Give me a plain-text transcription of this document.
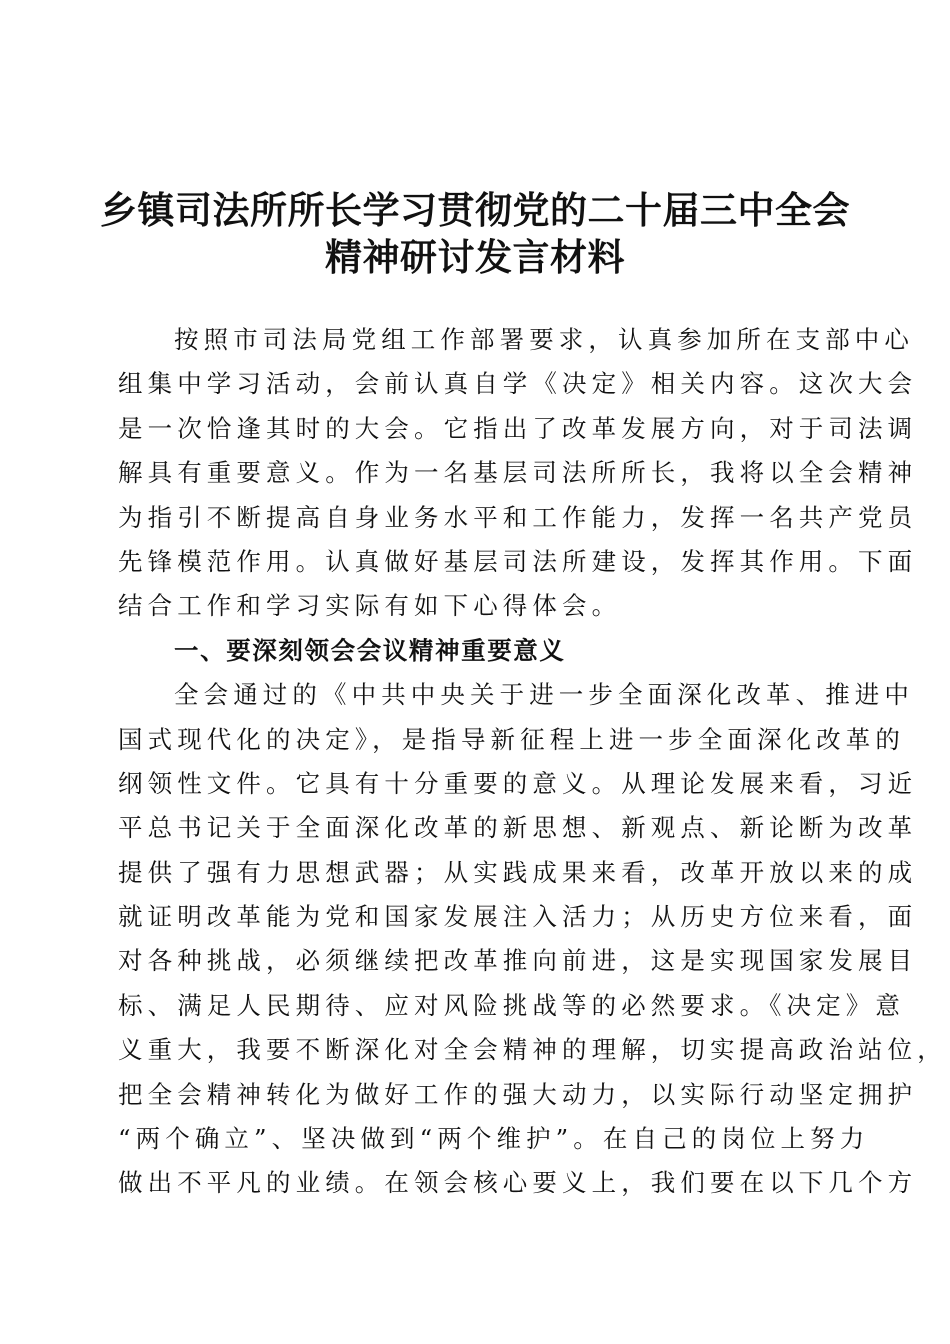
乡镇司法所所长学习贯彻党的二十届三中全会
精神研讨发言材料
按照市司法局党组工作部署要求，认真参加所在支部中心
组集中学习活动，会前认真自学《决定》相关内容。这次大会
是一次恰逢其时的大会。它指出了改革发展方向，对于司法调
解具有重要意义。作为一名基层司法所所长，我将以全会精神
为指引不断提高自身业务水平和工作能力，发挥一名共产党员
先锋模范作用。认真做好基层司法所建设，发挥其作用。下面
结合工作和学习实际有如下心得体会。
一、要深刻领会会议精神重要意义
全会通过的《中共中央关于进一步全面深化改革、推进中
国式现代化的决定》，是指导新征程上进一步全面深化改革的
纲领性文件。它具有十分重要的意义。从理论发展来看，习近
平总书记关于全面深化改革的新思想、新观点、新论断为改革
提供了强有力思想武器；从实践成果来看，改革开放以来的成
就证明改革能为党和国家发展注入活力；从历史方位来看，面
对各种挑战，必须继续把改革推向前进，这是实现国家发展目
标、满足人民期待、应对风险挑战等的必然要求。《决定》意
义重大，我要不断深化对全会精神的理解，切实提高政治站位，
把全会精神转化为做好工作的强大动力，以实际行动坚定拥护
“两个确立”、坚决做到“两个维护”。在自己的岗位上努力
做出不平凡的业绩。在领会核心要义上，我们要在以下几个方
